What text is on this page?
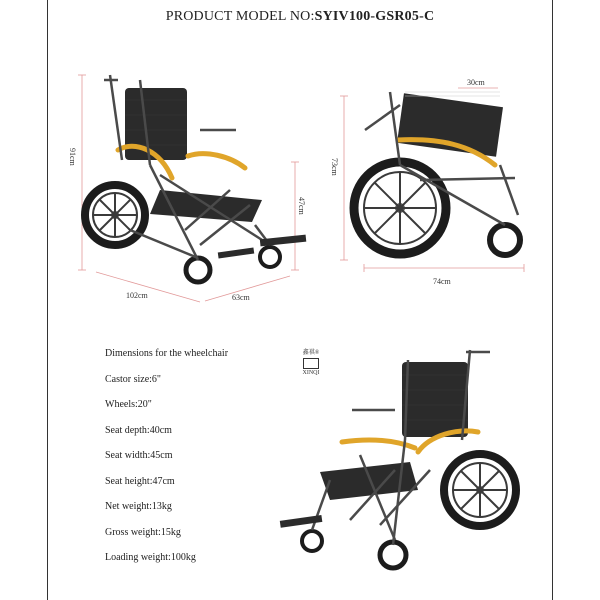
PRODUCT MODEL NO:SYIV100-GSR05-C
91cm
102cm	63cm
47cm
73cm
30cm
74cm
鑫祺®
XINQI

Dimensions for the wheelchair

Castor size:6"

Wheels:20"

Seat depth:40cm

Seat width:45cm

Seat height:47cm

Net weight:13kg

Gross weight:15kg

Loading weight:100kg
